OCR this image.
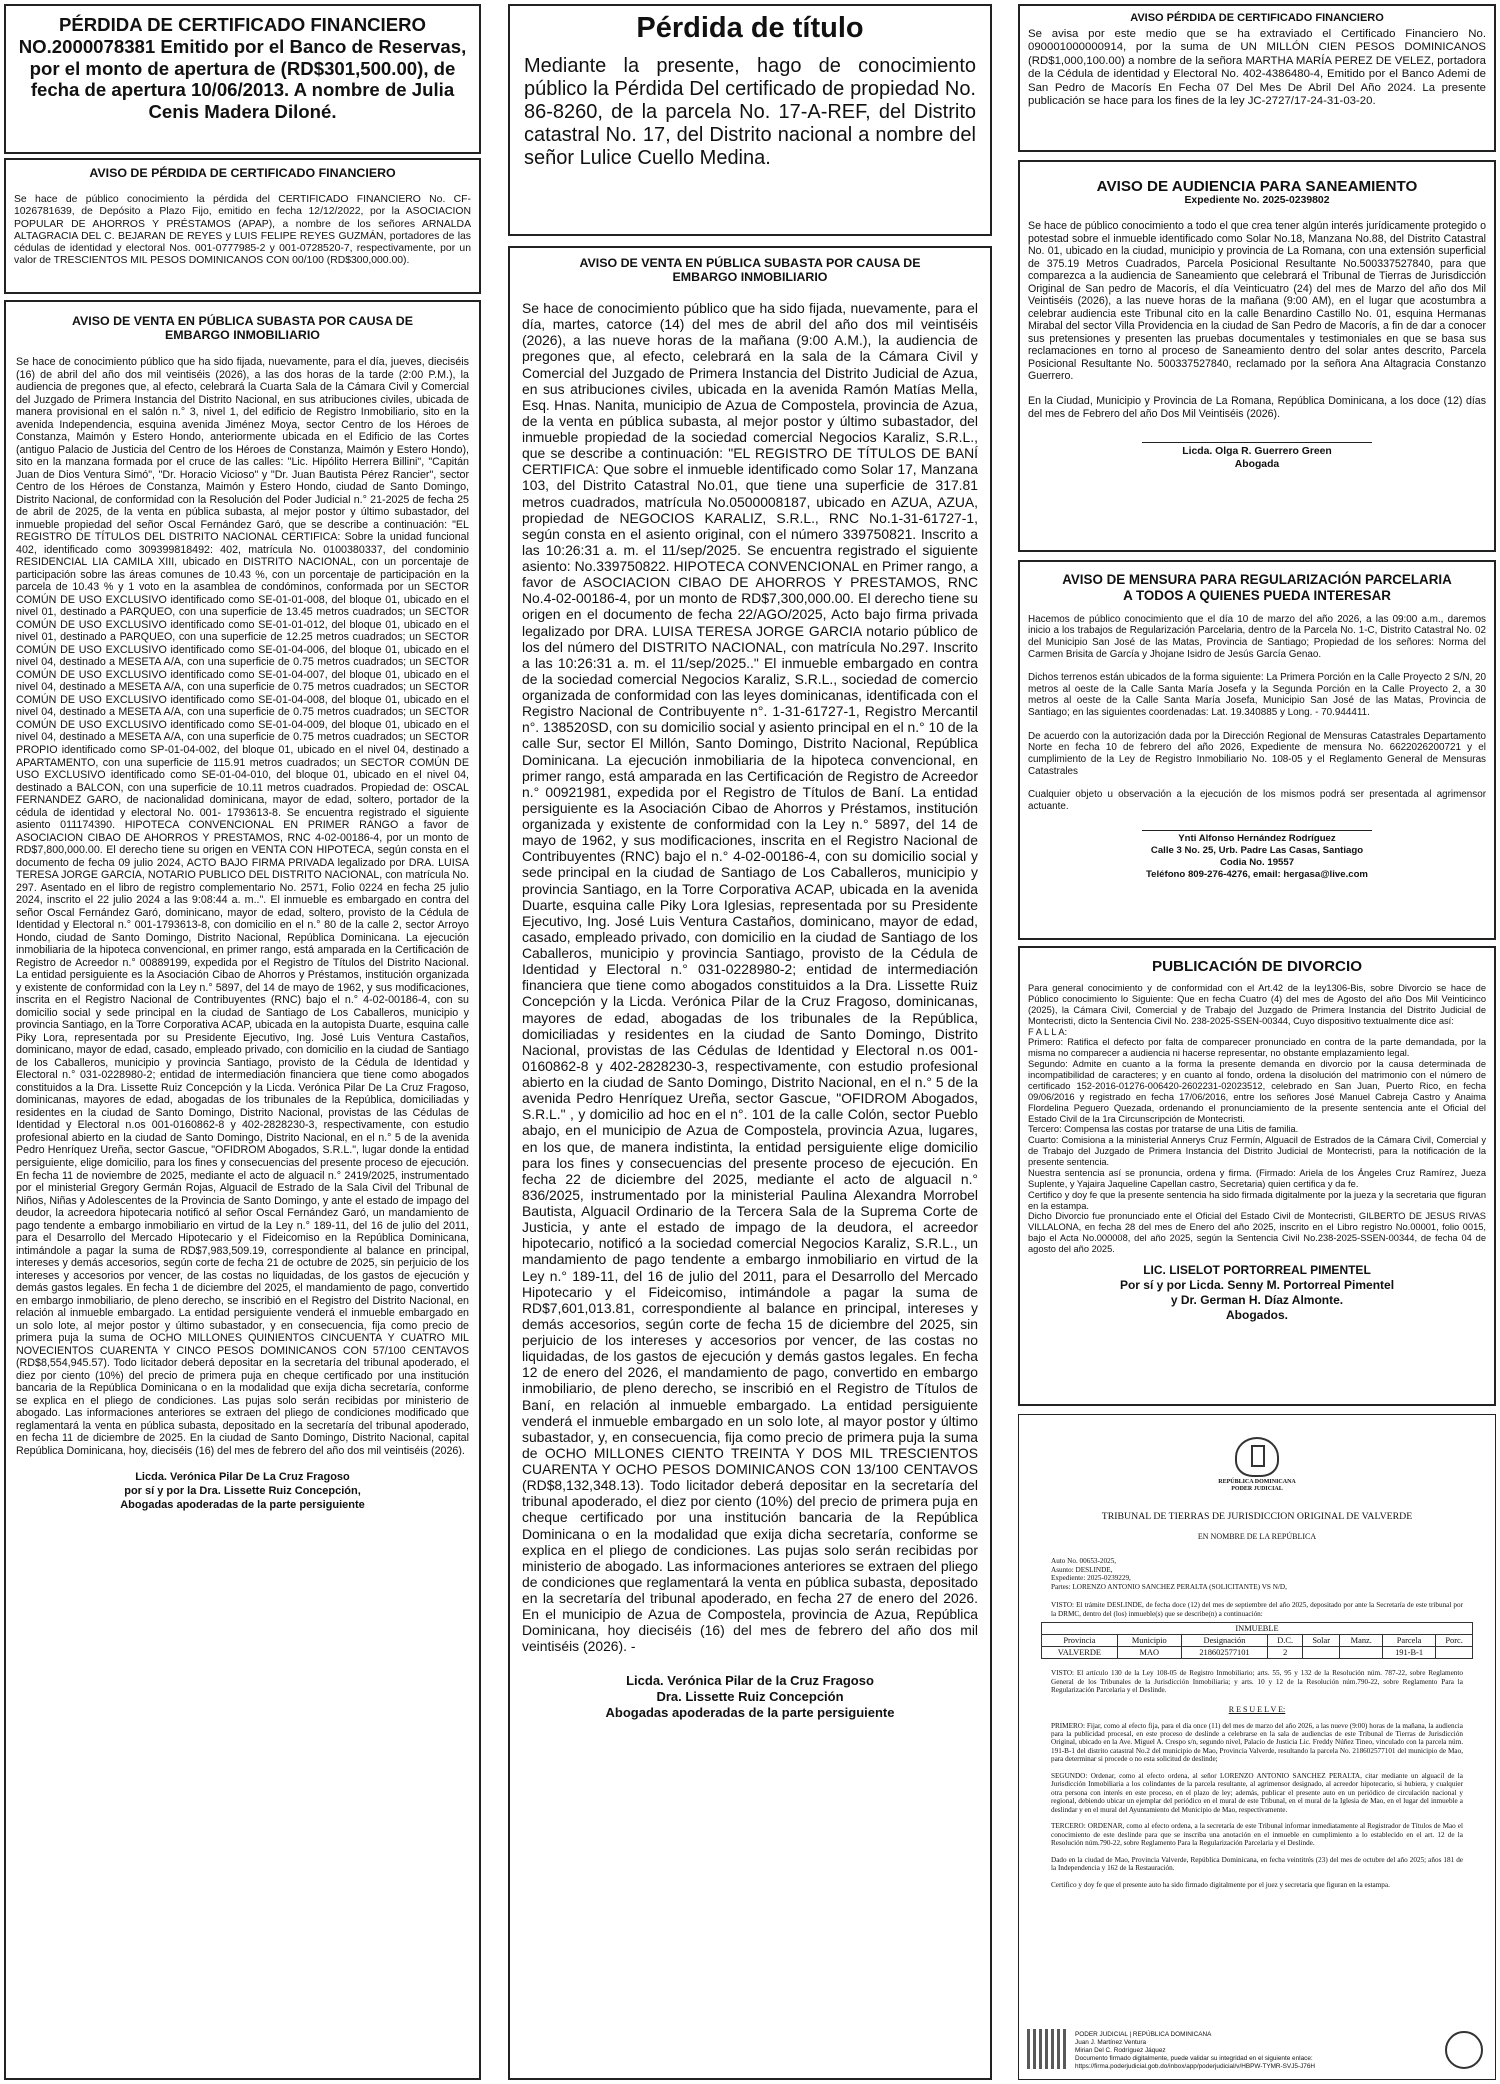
PÉRDIDA DE CERTIFICADO FINANCIERO
NO.2000078381 Emitido por el Banco de Reservas, por el monto de apertura de (RD$301,500.00), de fecha de apertura 10/06/2013. A nombre de Julia Cenis Madera Diloné.
AVISO DE PÉRDIDA DE CERTIFICADO FINANCIERO
Se hace de público conocimiento la pérdida del CERTIFICADO FINANCIERO No. CF-1026781639, de Depósito a Plazo Fijo, emitido en fecha 12/12/2022, por la ASOCIACION POPULAR DE AHORROS Y PRÉSTAMOS (APAP), a nombre de los señores ARNALDA ALTAGRACIA DEL C. BEJARAN DE REYES y LUIS FELIPE REYES GUZMÁN, portadores de las cédulas de identidad y electoral Nos. 001-0777985-2 y 001-0728520-7, respectivamente, por un valor de TRESCIENTOS MIL PESOS DOMINICANOS CON 00/100 (RD$300,000.00).
AVISO DE VENTA EN PÚBLICA SUBASTA POR CAUSA DE EMBARGO INMOBILIARIO
Se hace de conocimiento público que ha sido fijada, nuevamente, para el día, jueves, dieciséis (16) de abril del año dos mil veintiséis (2026), a las dos horas de la tarde (2:00 P.M.), la audiencia de pregones que, al efecto, celebrará la Cuarta Sala de la Cámara Civil y Comercial del Juzgado de Primera Instancia del Distrito Nacional, en sus atribuciones civiles, ubicada de manera provisional en el salón n.° 3, nivel 1, del edificio de Registro Inmobiliario, sito en la avenida Independencia, esquina avenida Jiménez Moya, sector Centro de los Héroes de Constanza, Maimón y Estero Hondo, anteriormente ubicada en el Edificio de las Cortes (antiguo Palacio de Justicia del Centro de los Héroes de Constanza, Maimón y Estero Hondo), sito en la manzana formada por el cruce de las calles: "Lic. Hipólito Herrera Billini", "Capitán Juan de Dios Ventura Simó", "Dr. Horacio Vicioso" y "Dr. Juan Bautista Pérez Rancier", sector Centro de los Héroes de Constanza, Maimón y Estero Hondo, ciudad de Santo Domingo, Distrito Nacional, de conformidad con la Resolución del Poder Judicial n.° 21-2025 de fecha 25 de abril de 2025, de la venta en pública subasta, al mejor postor y último subastador, del inmueble propiedad del señor Oscal Fernández Garó, que se describe a continuación: "EL REGISTRO DE TÍTULOS DEL DISTRITO NACIONAL CERTIFICA: Sobre la unidad funcional 402, identificado como 309399818492: 402, matrícula No. 0100380337, del condominio RESIDENCIAL LIA CAMILA XIII, ubicado en DISTRITO NACIONAL, con un porcentaje de participación sobre las áreas comunes de 10.43 %, con un porcentaje de participación en la parcela de 10.43 % y 1 voto en la asamblea de condóminos, conformada por un SECTOR COMÚN DE USO EXCLUSIVO identificado como SE-01-01-008, del bloque 01, ubicado en el nivel 01, destinado a PARQUEO, con una superficie de 13.45 metros cuadrados; un SECTOR COMÚN DE USO EXCLUSIVO identificado como SE-01-01-012, del bloque 01, ubicado en el nivel 01, destinado a PARQUEO, con una superficie de 12.25 metros cuadrados; un SECTOR COMÚN DE USO EXCLUSIVO identificado como SE-01-04-006, del bloque 01, ubicado en el nivel 04, destinado a MESETA A/A, con una superficie de 0.75 metros cuadrados; un SECTOR COMÚN DE USO EXCLUSIVO identificado como SE-01-04-007, del bloque 01, ubicado en el nivel 04, destinado a MESETA A/A, con una superficie de 0.75 metros cuadrados; un SECTOR COMÚN DE USO EXCLUSIVO identificado como SE-01-04-008, del bloque 01, ubicado en el nivel 04, destinado a MESETA A/A, con una superficie de 0.75 metros cuadrados; un SECTOR COMÚN DE USO EXCLUSIVO identificado como SE-01-04-009, del bloque 01, ubicado en el nivel 04, destinado a MESETA A/A, con una superficie de 0.75 metros cuadrados; un SECTOR PROPIO identificado como SP-01-04-002, del bloque 01, ubicado en el nivel 04, destinado a APARTAMENTO, con una superficie de 115.91 metros cuadrados; un SECTOR COMÚN DE USO EXCLUSIVO identificado como SE-01-04-010, del bloque 01, ubicado en el nivel 04, destinado a BALCON, con una superficie de 10.11 metros cuadrados. Propiedad de: OSCAL FERNANDEZ GARO, de nacionalidad dominicana, mayor de edad, soltero, portador de la cédula de identidad y electoral No. 001- 1793613-8. Se encuentra registrado el siguiente asiento 011174390. HIPOTECA CONVENCIONAL EN PRIMER RANGO a favor de ASOCIACION CIBAO DE AHORROS Y PRESTAMOS, RNC 4-02-00186-4, por un monto de RD$7,800,000.00. El derecho tiene su origen en VENTA CON HIPOTECA, según consta en el documento de fecha 09 julio 2024, ACTO BAJO FIRMA PRIVADA legalizado por DRA. LUISA TERESA JORGE GARCIA, NOTARIO PUBLICO DEL DISTRITO NACIONAL, con matrícula No. 297. Asentado en el libro de registro complementario No. 2571, Folio 0224 en fecha 25 julio 2024, inscrito el 22 julio 2024 a las 9:08:44 a. m..". El inmueble es embargado en contra del señor Oscal Fernández Garó, dominicano, mayor de edad, soltero, provisto de la Cédula de Identidad y Electoral n.° 001-1793613-8, con domicilio en el n.° 80 de la calle 2, sector Arroyo Hondo, ciudad de Santo Domingo, Distrito Nacional, República Dominicana. La ejecución inmobiliaria de la hipoteca convencional, en primer rango, está amparada en la Certificación de Registro de Acreedor n.° 00889199, expedida por el Registro de Títulos del Distrito Nacional. La entidad persiguiente es la Asociación Cibao de Ahorros y Préstamos, institución organizada y existente de conformidad con la Ley n.° 5897, del 14 de mayo de 1962, y sus modificaciones, inscrita en el Registro Nacional de Contribuyentes (RNC) bajo el n.° 4-02-00186-4, con su domicilio social y sede principal en la ciudad de Santiago de Los Caballeros, municipio y provincia Santiago, en la Torre Corporativa ACAP, ubicada en la autopista Duarte, esquina calle Piky Lora, representada por su Presidente Ejecutivo, Ing. José Luis Ventura Castaños, dominicano, mayor de edad, casado, empleado privado, con domicilio en la ciudad de Santiago de los Caballeros, municipio y provincia Santiago, provisto de la Cédula de Identidad y Electoral n.° 031-0228980-2; entidad de intermediación financiera que tiene como abogados constituidos a la Dra. Lissette Ruiz Concepción y la Licda. Verónica Pilar De La Cruz Fragoso, dominicanas, mayores de edad, abogadas de los tribunales de la República, domiciliadas y residentes en la ciudad de Santo Domingo, Distrito Nacional, provistas de las Cédulas de Identidad y Electoral n.os 001-0160862-8 y 402-2828230-3, respectivamente, con estudio profesional abierto en la ciudad de Santo Domingo, Distrito Nacional, en el n.° 5 de la avenida Pedro Henríquez Ureña, sector Gascue, "OFIDROM Abogados, S.R.L.", lugar donde la entidad persiguiente, elige domicilio, para los fines y consecuencias del presente proceso de ejecución. En fecha 11 de noviembre de 2025, mediante el acto de alguacil n.° 2419/2025, instrumentado por el ministerial Gregory Germán Rojas, Alguacil de Estrado de la Sala Civil del Tribunal de Niños, Niñas y Adolescentes de la Provincia de Santo Domingo, y ante el estado de impago del deudor, la acreedora hipotecaria notificó al señor Oscal Fernández Garó, un mandamiento de pago tendente a embargo inmobiliario en virtud de la Ley n.° 189-11, del 16 de julio del 2011, para el Desarrollo del Mercado Hipotecario y el Fideicomiso en la República Dominicana, intimándole a pagar la suma de RD$7,983,509.19, correspondiente al balance en principal, intereses y demás accesorios, según corte de fecha 21 de octubre de 2025, sin perjuicio de los intereses y accesorios por vencer, de las costas no liquidadas, de los gastos de ejecución y demás gastos legales. En fecha 1 de diciembre del 2025, el mandamiento de pago, convertido en embargo inmobiliario, de pleno derecho, se inscribió en el Registro del Distrito Nacional, en relación al inmueble embargado. La entidad persiguiente venderá el inmueble embargado en un solo lote, al mejor postor y último subastador, y en consecuencia, fija como precio de primera puja la suma de OCHO MILLONES QUINIENTOS CINCUENTA Y CUATRO MIL NOVECIENTOS CUARENTA Y CINCO PESOS DOMINICANOS CON 57/100 CENTAVOS (RD$8,554,945.57). Todo licitador deberá depositar en la secretaría del tribunal apoderado, el diez por ciento (10%) del precio de primera puja en cheque certificado por una institución bancaria de la República Dominicana o en la modalidad que exija dicha secretaría, conforme se explica en el pliego de condiciones. Las pujas solo serán recibidas por ministerio de abogado. Las informaciones anteriores se extraen del pliego de condiciones modificado que reglamentará la venta en pública subasta, depositado en la secretaría del tribunal apoderado, en fecha 11 de diciembre de 2025. En la ciudad de Santo Domingo, Distrito Nacional, capital República Dominicana, hoy, dieciséis (16) del mes de febrero del año dos mil veintiséis (2026).
Licda. Verónica Pilar De La Cruz Fragoso
por sí y por la Dra. Lissette Ruiz Concepción,
Abogadas apoderadas de la parte persiguiente
Pérdida de título
Mediante la presente, hago de conocimiento público la Pérdida Del certificado de propiedad No. 86-8260, de la parcela No. 17-A-REF, del Distrito catastral No. 17, del Distrito nacional a nombre del señor Lulice Cuello Medina.
AVISO DE VENTA EN PÚBLICA SUBASTA POR CAUSA DE EMBARGO INMOBILIARIO
Se hace de conocimiento público que ha sido fijada, nuevamente, para el día, martes, catorce (14) del mes de abril del año dos mil veintiséis (2026), a las nueve horas de la mañana (9:00 A.M.), la audiencia de pregones que, al efecto, celebrará en la sala de la Cámara Civil y Comercial del Juzgado de Primera Instancia del Distrito Judicial de Azua, en sus atribuciones civiles, ubicada en la avenida Ramón Matías Mella, Esq. Hnas. Nanita, municipio de Azua de Compostela, provincia de Azua, de la venta en pública subasta, al mejor postor y último subastador, del inmueble propiedad de la sociedad comercial Negocios Karaliz, S.R.L., que se describe a continuación: "EL REGISTRO DE TÍTULOS DE BANÍ CERTIFICA: Que sobre el inmueble identificado como Solar 17, Manzana 103, del Distrito Catastral No.01, que tiene una superficie de 317.81 metros cuadrados, matrícula No.0500008187, ubicado en AZUA, AZUA, propiedad de NEGOCIOS KARALIZ, S.R.L., RNC No.1-31-61727-1, según consta en el asiento original, con el número 339750821. Inscrito a las 10:26:31 a. m. el 11/sep/2025. Se encuentra registrado el siguiente asiento: No.339750822. HIPOTECA CONVENCIONAL en Primer rango, a favor de ASOCIACION CIBAO DE AHORROS Y PRESTAMOS, RNC No.4-02-00186-4, por un monto de RD$7,300,000.00. El derecho tiene su origen en el documento de fecha 22/AGO/2025, Acto bajo firma privada legalizado por DRA. LUISA TERESA JORGE GARCIA notario público de los del número del DISTRITO NACIONAL, con matrícula No.297. Inscrito a las 10:26:31 a. m. el 11/sep/2025.." El inmueble embargado en contra de la sociedad comercial Negocios Karaliz, S.R.L., sociedad de comercio organizada de conformidad con las leyes dominicanas, identificada con el Registro Nacional de Contribuyente n°. 1-31-61727-1, Registro Mercantil n°. 138520SD, con su domicilio social y asiento principal en el n.° 10 de la calle Sur, sector El Millón, Santo Domingo, Distrito Nacional, República Dominicana. La ejecución inmobiliaria de la hipoteca convencional, en primer rango, está amparada en las Certificación de Registro de Acreedor n.° 00921981, expedida por el Registro de Títulos de Baní. La entidad persiguiente es la Asociación Cibao de Ahorros y Préstamos, institución organizada y existente de conformidad con la Ley n.° 5897, del 14 de mayo de 1962, y sus modificaciones, inscrita en el Registro Nacional de Contribuyentes (RNC) bajo el n.° 4-02-00186-4, con su domicilio social y sede principal en la ciudad de Santiago de Los Caballeros, municipio y provincia Santiago, en la Torre Corporativa ACAP, ubicada en la avenida Duarte, esquina calle Piky Lora Iglesias, representada por su Presidente Ejecutivo, Ing. José Luis Ventura Castaños, dominicano, mayor de edad, casado, empleado privado, con domicilio en la ciudad de Santiago de los Caballeros, municipio y provincia Santiago, provisto de la Cédula de Identidad y Electoral n.° 031-0228980-2; entidad de intermediación financiera que tiene como abogados constituidos a la Dra. Lissette Ruiz Concepción y la Licda. Verónica Pilar de la Cruz Fragoso, dominicanas, mayores de edad, abogadas de los tribunales de la República, domiciliadas y residentes en la ciudad de Santo Domingo, Distrito Nacional, provistas de las Cédulas de Identidad y Electoral n.os 001-0160862-8 y 402-2828230-3, respectivamente, con estudio profesional abierto en la ciudad de Santo Domingo, Distrito Nacional, en el n.° 5 de la avenida Pedro Henríquez Ureña, sector Gascue, "OFIDROM Abogados, S.R.L." , y domicilio ad hoc en el n°. 101 de la calle Colón, sector Pueblo abajo, en el municipio de Azua de Compostela, provincia Azua, lugares, en los que, de manera indistinta, la entidad persiguiente elige domicilio para los fines y consecuencias del presente proceso de ejecución. En fecha 22 de diciembre del 2025, mediante el acto de alguacil n.° 836/2025, instrumentado por la ministerial Paulina Alexandra Morrobel Bautista, Alguacil Ordinario de la Tercera Sala de la Suprema Corte de Justicia, y ante el estado de impago de la deudora, el acreedor hipotecario, notificó a la sociedad comercial Negocios Karaliz, S.R.L., un mandamiento de pago tendente a embargo inmobiliario en virtud de la Ley n.° 189-11, del 16 de julio del 2011, para el Desarrollo del Mercado Hipotecario y el Fideicomiso, intimándole a pagar la suma de RD$7,601,013.81, correspondiente al balance en principal, intereses y demás accesorios, según corte de fecha 15 de diciembre del 2025, sin perjuicio de los intereses y accesorios por vencer, de las costas no liquidadas, de los gastos de ejecución y demás gastos legales. En fecha 12 de enero del 2026, el mandamiento de pago, convertido en embargo inmobiliario, de pleno derecho, se inscribió en el Registro de Títulos de Baní, en relación al inmueble embargado. La entidad persiguiente venderá el inmueble embargado en un solo lote, al mayor postor y último subastador, y, en consecuencia, fija como precio de primera puja la suma de OCHO MILLONES CIENTO TREINTA Y DOS MIL TRESCIENTOS CUARENTA Y OCHO PESOS DOMINICANOS CON 13/100 CENTAVOS (RD$8,132,348.13). Todo licitador deberá depositar en la secretaría del tribunal apoderado, el diez por ciento (10%) del precio de primera puja en cheque certificado por una institución bancaria de la República Dominicana o en la modalidad que exija dicha secretaría, conforme se explica en el pliego de condiciones. Las pujas solo serán recibidas por ministerio de abogado. Las informaciones anteriores se extraen del pliego de condiciones que reglamentará la venta en pública subasta, depositado en la secretaría del tribunal apoderado, en fecha 27 de enero del 2026. En el municipio de Azua de Compostela, provincia de Azua, República Dominicana, hoy dieciséis (16) del mes de febrero del año dos mil veintiséis (2026). -
Licda. Verónica Pilar de la Cruz Fragoso
Dra. Lissette Ruiz Concepción
Abogadas apoderadas de la parte persiguiente
AVISO PÉRDIDA DE CERTIFICADO FINANCIERO
Se avisa por este medio que se ha extraviado el Certificado Financiero No. 090001000000914, por la suma de UN MILLÓN CIEN PESOS DOMINICANOS (RD$1,000,100.00) a nombre de la señora MARTHA MARÍA PEREZ DE VELEZ, portadora de la Cédula de identidad y Electoral No. 402-4386480-4, Emitido por el Banco Ademi de San Pedro de Macorís En Fecha 07 Del Mes De Abril Del Año 2024. La presente publicación se hace para los fines de la ley JC-2727/17-24-31-03-20.
AVISO DE AUDIENCIA PARA SANEAMIENTO
Expediente No. 2025-0239802
Se hace de público conocimiento a todo el que crea tener algún interés jurídicamente protegido o potestad sobre el inmueble identificado como Solar No.18, Manzana No.88, del Distrito Catastral No. 01, ubicado en la ciudad, municipio y provincia de La Romana, con una extensión superficial de 375.19 Metros Cuadrados, Parcela Posicional Resultante No.500337527840, para que comparezca a la audiencia de Saneamiento que celebrará el Tribunal de Tierras de Jurisdicción Original de San pedro de Macorís, el día Veinticuatro (24) del mes de Marzo del año dos Mil Veintiséis (2026), a las nueve horas de la mañana (9:00 AM), en el lugar que acostumbra a celebrar audiencia este Tribunal cito en la calle Benardino Castillo No. 01, esquina Hermanas Mirabal del sector Villa Providencia en la ciudad de San Pedro de Macorís, a fin de dar a conocer sus pretensiones y presenten las pruebas documentales y testimoniales en que se basa sus reclamaciones en torno al proceso de Saneamiento dentro del solar antes descrito, Parcela Posicional Resultante No. 500337527840, reclamado por la señora Ana Altagracia Constanzo Guerrero.

En la Ciudad, Municipio y Provincia de La Romana, República Dominicana, a los doce (12) días del mes de Febrero del año Dos Mil Veintiséis (2026).
Licda. Olga R. Guerrero Green
Abogada
AVISO DE MENSURA PARA REGULARIZACIÓN PARCELARIA
A TODOS A QUIENES PUEDA INTERESAR
Hacemos de público conocimiento que el día 10 de marzo del año 2026, a las 09:00 a.m., daremos inicio a los trabajos de Regularización Parcelaria, dentro de la Parcela No. 1-C, Distrito Catastral No. 02 del Municipio San José de las Matas, Provincia de Santiago; Propiedad de los señores: Norma del Carmen Brisita de García y Jhojane Isidro de Jesús García Genao.

Dichos terrenos están ubicados de la forma siguiente: La Primera Porción en la Calle Proyecto 2 S/N, 20 metros al oeste de la Calle Santa María Josefa y la Segunda Porción en la Calle Proyecto 2, a 30 metros al oeste de la Calle Santa María Josefa, Municipio San José de las Matas, Provincia de Santiago; en las siguientes coordenadas: Lat. 19.340885 y Long. - 70.944411.

De acuerdo con la autorización dada por la Dirección Regional de Mensuras Catastrales Departamento Norte en fecha 10 de febrero del año 2026, Expediente de mensura No. 6622026200721 y el cumplimiento de la Ley de Registro Inmobiliario No. 108-05 y el Reglamento General de Mensuras Catastrales

Cualquier objeto u observación a la ejecución de los mismos podrá ser presentada al agrimensor actuante.
Ynti Alfonso Hernández Rodríguez
Calle 3 No. 25, Urb. Padre Las Casas, Santiago
Codia No. 19557
Teléfono 809-276-4276, email: hergasa@live.com
PUBLICACIÓN DE DIVORCIO
Para general conocimiento y de conformidad con el Art.42 de la ley1306-Bis, sobre Divorcio se hace de Público conocimiento lo Siguiente: Que en fecha Cuatro (4) del mes de Agosto del año Dos Mil Veinticinco (2025), la Cámara Civil, Comercial y de Trabajo del Juzgado de Primera Instancia del Distrito Judicial de Montecristi, dicto la Sentencia Civil No. 238-2025-SSEN-00344, Cuyo dispositivo textualmente dice así:
F A L L A:
Primero: Ratifica el defecto por falta de comparecer pronunciado en contra de la parte demandada, por la misma no comparecer a audiencia ni hacerse representar, no obstante emplazamiento legal.
Segundo: Admite en cuanto a la forma la presente demanda en divorcio por la causa determinada de incompatibilidad de caracteres; y en cuanto al fondo, ordena la disolución del matrimonio con el número de certificado 152-2016-01276-006420-2602231-02023512, celebrado en San Juan, Puerto Rico, en fecha 09/06/2016 y registrado en fecha 17/06/2016, entre los señores José Manuel Cabreja Castro y Anaima Flordelina Peguero Quezada, ordenando el pronunciamiento de la presente sentencia ante el Oficial del Estado Civil de la 1ra Circunscripción de Montecristi.
Tercero: Compensa las costas por tratarse de una Litis de familia.
Cuarto: Comisiona a la ministerial Annerys Cruz Fermín, Alguacil de Estrados de la Cámara Civil, Comercial y de Trabajo del Juzgado de Primera Instancia del Distrito Judicial de Montecristi, para la notificación de la presente sentencia.
Nuestra sentencia así se pronuncia, ordena y firma. (Firmado: Ariela de los Ángeles Cruz Ramírez, Jueza Suplente, y Yajaira Jaqueline Capellan castro, Secretaria) quien certifica y da fe.
Certifico y doy fe que la presente sentencia ha sido firmada digitalmente por la jueza y la secretaria que figuran en la estampa.
Dicho Divorcio fue pronunciado ente el Oficial del Estado Civil de Montecristi, GILBERTO DE JESUS RIVAS VILLALONA, en fecha 28 del mes de Enero del año 2025, inscrito en el Libro registro No.00001, folio 0015, bajo el Acta No.000008, del año 2025, según la Sentencia Civil No.238-2025-SSEN-00344, de fecha 04 de agosto del año 2025.
LIC. LISELOT PORTORREAL PIMENTEL
Por sí y por Licda. Senny M. Portorreal Pimentel
y Dr. German H. Díaz Almonte.
Abogados.
REPÚBLICA DOMINICANA
PODER JUDICIAL
TRIBUNAL DE TIERRAS DE JURISDICCION ORIGINAL DE VALVERDE
EN NOMBRE DE LA REPÚBLICA
Auto No. 00653-2025,
Asunto: DESLINDE,
Expediente: 2025-0239229,
Partes: LORENZO ANTONIO SANCHEZ PERALTA (SOLICITANTE) VS N/D,
VISTO: El trámite DESLINDE, de fecha doce (12) del mes de septiembre del año 2025, depositado por ante la Secretaría de este tribunal por la DRMC, dentro del (los) inmueble(s) que se describe(n) a continuación:
INMUEBLE							
Provincia	Municipio	Designación	D.C.	Solar	Manz.	Parcela	Porc.
VALVERDE	MAO	218602577101	2			191-B-1	
VISTO: El artículo 130 de la Ley 108-05 de Registro Inmobiliario; arts. 55, 95 y 132 de la Resolución núm. 787-22, sobre Reglamento General de los Tribunales de la Jurisdicción Inmobiliaria; y arts. 10 y 12 de la Resolución núm.790-22, sobre Reglamento Para la Regularización Parcelaria y el Deslinde.
R E S U E L V E:
PRIMERO: Fijar, como al efecto fija, para el día once (11) del mes de marzo del año 2026, a las nueve (9:00) horas de la mañana, la audiencia para la publicidad procesal, en este proceso de deslinde a celebrarse en la sala de audiencias de este Tribunal de Tierras de Jurisdicción Original, ubicado en la Ave. Miguel A. Crespo s/n, segundo nivel, Palacio de Justicia Lic. Freddy Núñez Tineo, vinculado con la parcela núm. 191-B-1 del distrito catastral No.2 del municipio de Mao, Provincia Valverde, resultando la parcela No. 218602577101 del municipio de Mao, para determinar si procede o no esta solicitud de deslinde;
SEGUNDO: Ordenar, como al efecto ordena, al señor LORENZO ANTONIO SANCHEZ PERALTA, citar mediante un alguacil de la Jurisdicción Inmobiliaria a los colindantes de la parcela resultante, al agrimensor designado, al acreedor hipotecario, si hubiera, y cualquier otra persona con interés en este proceso, en el plazo de ley; además, publicar el presente auto en un periódico de circulación nacional y regional, debiendo ubicar un ejemplar del periódico en el mural de este Tribunal, en el mural de la Iglesia de Mao, en el lugar del inmueble a deslindar y en el mural del Ayuntamiento del Municipio de Mao, respectivamente.
TERCERO: ORDENAR, como al efecto ordena, a la secretaría de este Tribunal informar inmediatamente al Registrador de Títulos de Mao el conocimiento de este deslinde para que se inscriba una anotación en el inmueble en cumplimiento a lo establecido en el art. 12 de la Resolución núm.790-22, sobre Reglamento Para la Regularización Parcelaria y el Deslinde.
Dado en la ciudad de Mao, Provincia Valverde, República Dominicana, en fecha veintitrés (23) del mes de octubre del año 2025; años 181 de la Independencia y 162 de la Restauración.
Certifico y doy fe que el presente auto ha sido firmado digitalmente por el juez y secretaria que figuran en la estampa.
PODER JUDICIAL | REPÚBLICA DOMINICANA
Juan J. Martínez Ventura
Mirian Del C. Rodríguez Jáquez
Documento firmado digitalmente, puede validar su integridad en el siguiente enlace:
https://firma.poderjudicial.gob.do/inbox/app/poderjudicial/v/HBPW-TYMR-SVJ5-J76H
